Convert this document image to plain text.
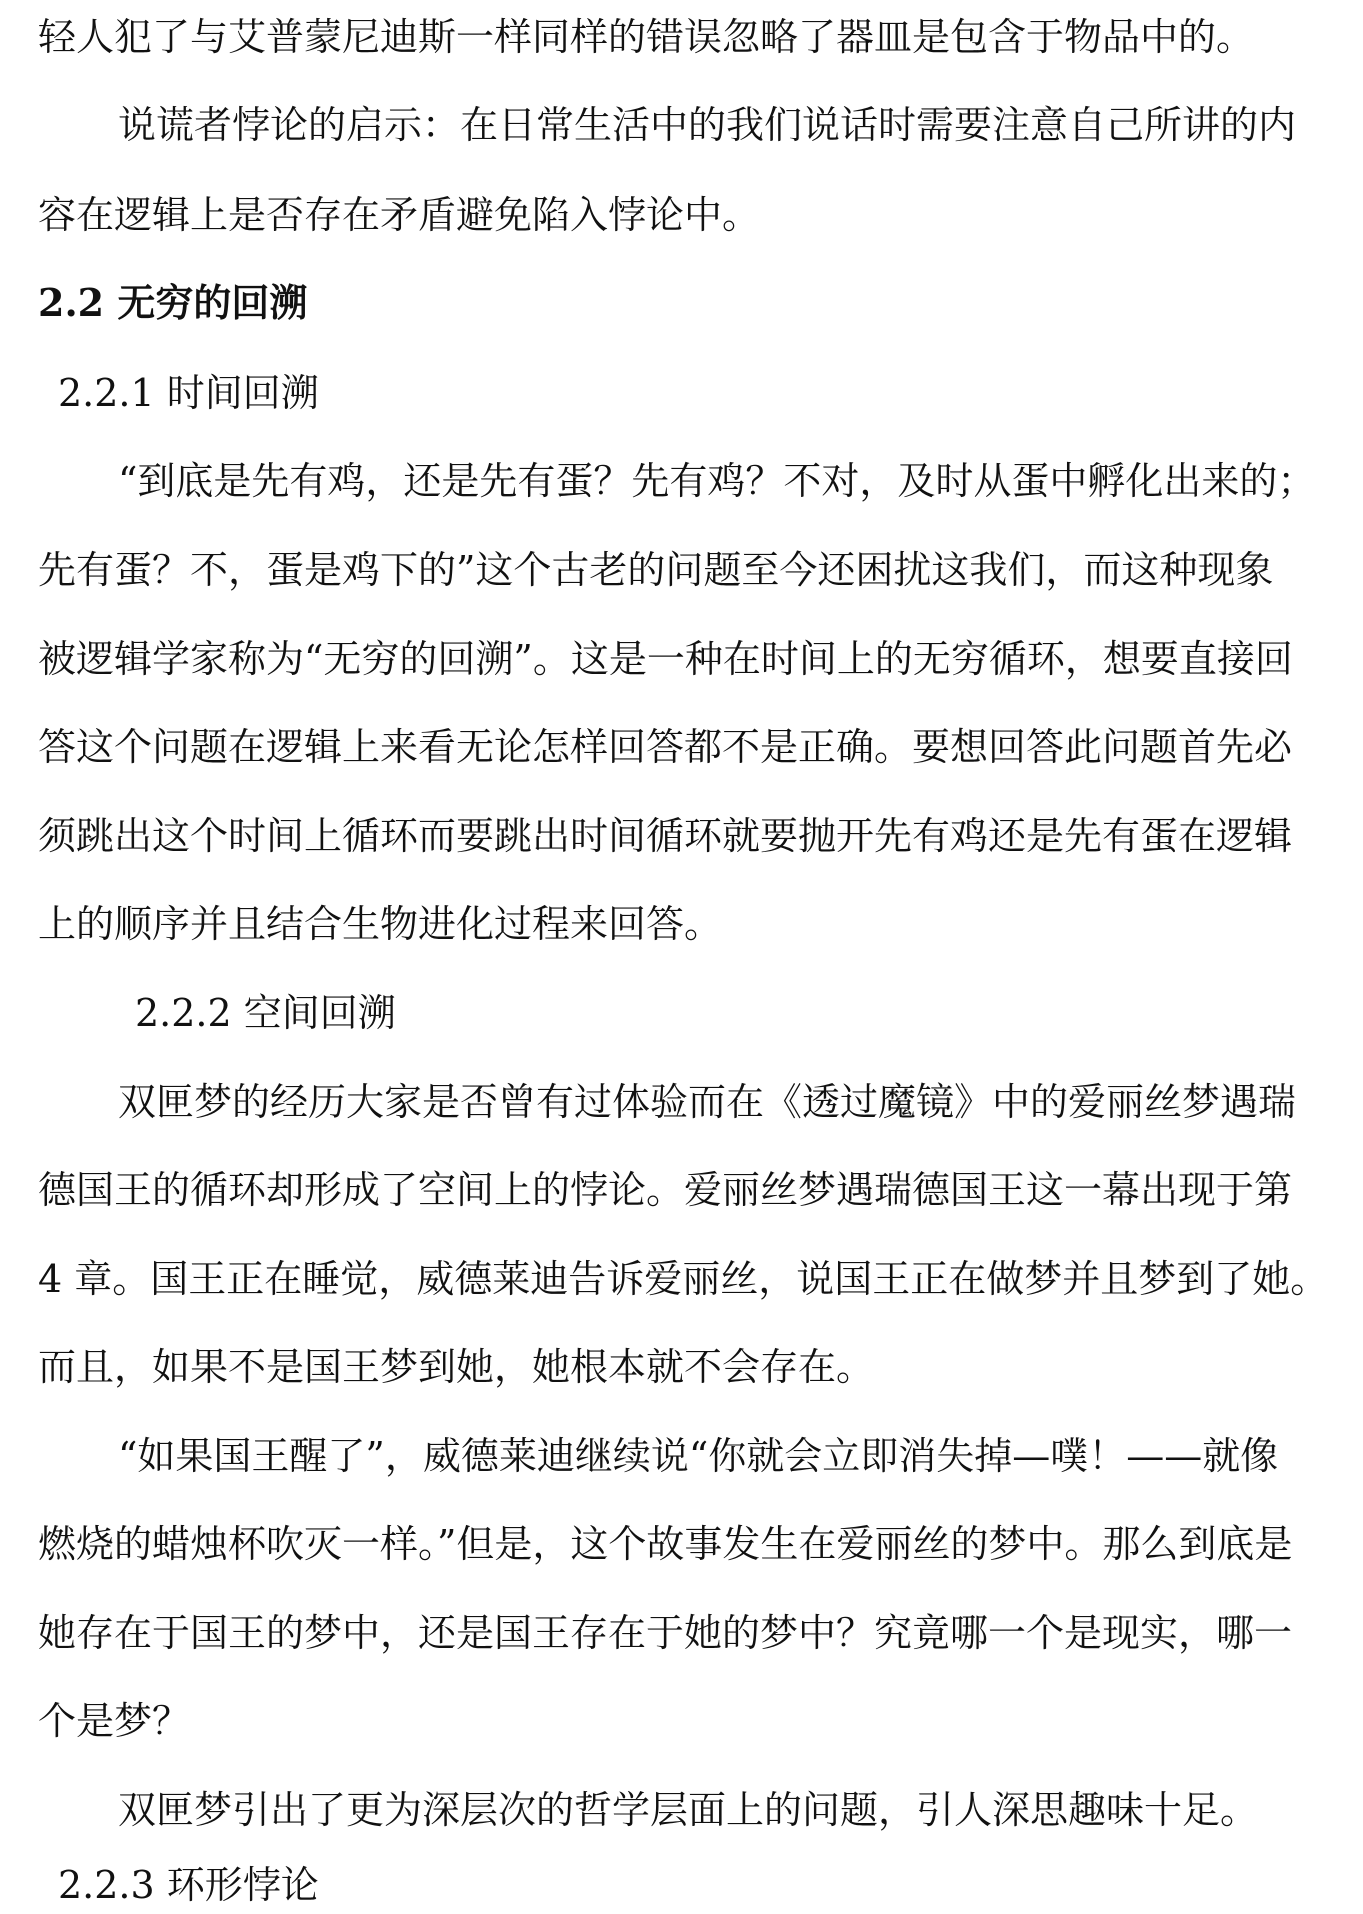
轻人犯了与艾普蒙尼迪斯一样同样的错误忽略了器皿是包含于物品中的。
说谎者悖论的启示：在日常生活中的我们说话时需要注意自己所讲的内
容在逻辑上是否存在矛盾避免陷入悖论中。
2.2 无穷的回溯
2.2.1 时间回溯
“到底是先有鸡，还是先有蛋？先有鸡？不对，及时从蛋中孵化出来的；
先有蛋？不，蛋是鸡下的”这个古老的问题至今还困扰这我们，而这种现象
被逻辑学家称为“无穷的回溯”。这是一种在时间上的无穷循环，想要直接回
答这个问题在逻辑上来看无论怎样回答都不是正确。要想回答此问题首先必
须跳出这个时间上循环而要跳出时间循环就要抛开先有鸡还是先有蛋在逻辑
上的顺序并且结合生物进化过程来回答。
2.2.2 空间回溯
双匣梦的经历大家是否曾有过体验而在《透过魔镜》中的爱丽丝梦遇瑞
德国王的循环却形成了空间上的悖论。爱丽丝梦遇瑞德国王这一幕出现于第
4 章。国王正在睡觉，威德莱迪告诉爱丽丝，说国王正在做梦并且梦到了她。
而且，如果不是国王梦到她，她根本就不会存在。
“如果国王醒了”，威德莱迪继续说“你就会立即消失掉—噗！——就像
燃烧的蜡烛杯吹灭一样。”但是，这个故事发生在爱丽丝的梦中。那么到底是
她存在于国王的梦中，还是国王存在于她的梦中？究竟哪一个是现实，哪一
个是梦？
双匣梦引出了更为深层次的哲学层面上的问题，引人深思趣味十足。
2.2.3 环形悖论
